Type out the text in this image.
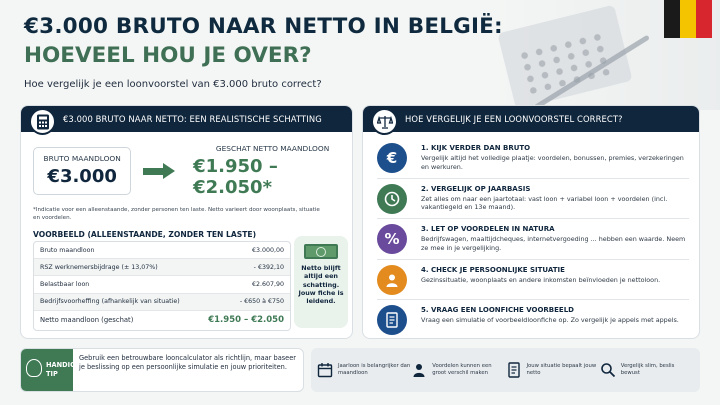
€3.000 BRUTO NAAR NETTO IN BELGIË:
HOEVEEL HOU JE OVER?
Hoe vergelijk je een loonvoorstel van €3.000 bruto correct?
€3.000 BRUTO NAAR NETTO: EEN REALISTISCHE SCHATTING
BRUTO MAANDLOON
€3.000
GESCHAT NETTO MAANDLOON
€1.950 – €2.050*
*Indicatie voor een alleenstaande, zonder personen ten laste. Netto varieert door woonplaats, situatie en voordelen.
VOORBEELD (ALLEENSTAANDE, ZONDER TEN LASTE)
Bruto maandloon	€3.000,00
RSZ werknemersbijdrage (± 13,07%)	- €392,10
Belastbaar loon	€2.607,90
Bedrijfsvoorheffing (afhankelijk van situatie)	- €650 à €750
Netto maandloon (geschat)	€1.950 – €2.050
Netto blijft altijd een schatting. Jouw fiche is leidend.
HOE VERGELIJK JE EEN LOONVOORSTEL CORRECT?
€
1. KIJK VERDER DAN BRUTO
Vergelijk altijd het volledige plaatje: voordelen, bonussen, premies, verzekeringen en werkuren.
2. VERGELIJK OP JAARBASIS
Zet alles om naar een jaartotaal: vast loon + variabel loon + voordelen (incl. vakantiegeld en 13e maand).
%
3. LET OP VOORDELEN IN NATURA
Bedrijfswagen, maaltijdcheques, internetvergoeding ... hebben een waarde. Neem ze mee in je vergelijking.
4. CHECK JE PERSOONLIJKE SITUATIE
Gezinssituatie, woonplaats en andere inkomsten beïnvloeden je nettoloon.
5. VRAAG EEN LOONFICHE VOORBEELD
Vraag een simulatie of voorbeeldloonfiche op. Zo vergelijk je appels met appels.
HANDIGE
TIP
Gebruik een betrouwbare looncalculator als richtlijn, maar baseer je beslissing op een persoonlijke simulatie en jouw prioriteiten.	Jaarloon is belangrijker dan maandloon
Voordelen kunnen een groot verschil maken
Jouw situatie bepaalt jouw netto
Vergelijk slim, beslis bewust
